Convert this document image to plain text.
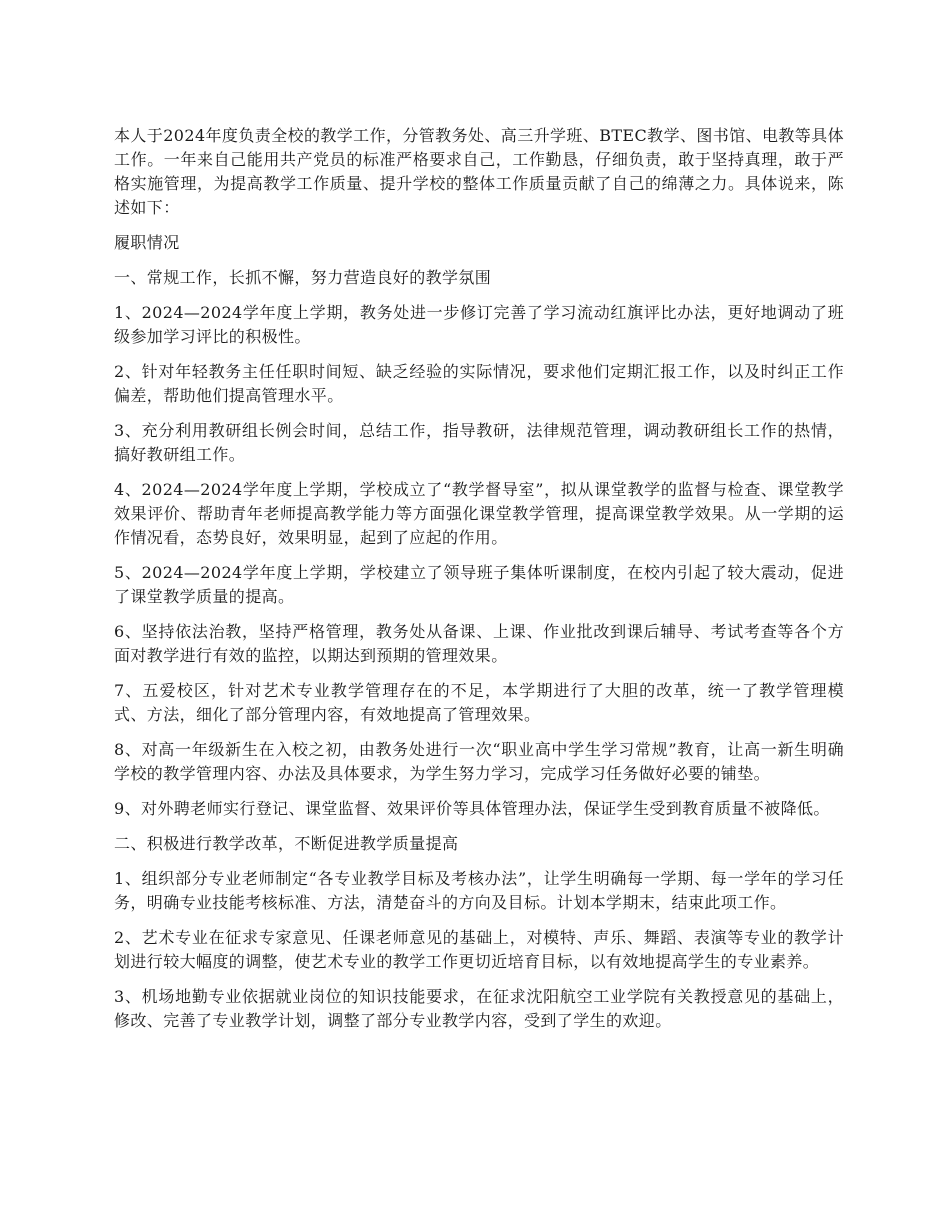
本人于2024年度负责全校的教学工作，分管教务处、高三升学班、BTEC教学、图书馆、电教等具体工作。一年来自己能用共产党员的标准严格要求自己，工作勤恳，仔细负责，敢于坚持真理，敢于严格实施管理，为提高教学工作质量、提升学校的整体工作质量贡献了自己的绵薄之力。具体说来，陈述如下：

履职情况

一、常规工作，长抓不懈，努力营造良好的教学氛围

1、2024—2024学年度上学期，教务处进一步修订完善了学习流动红旗评比办法，更好地调动了班级参加学习评比的积极性。

2、针对年轻教务主任任职时间短、缺乏经验的实际情况，要求他们定期汇报工作，以及时纠正工作偏差，帮助他们提高管理水平。

3、充分利用教研组长例会时间，总结工作，指导教研，法律规范管理，调动教研组长工作的热情，搞好教研组工作。

4、2024—2024学年度上学期，学校成立了“教学督导室”，拟从课堂教学的监督与检查、课堂教学效果评价、帮助青年老师提高教学能力等方面强化课堂教学管理，提高课堂教学效果。从一学期的运作情况看，态势良好，效果明显，起到了应起的作用。

5、2024—2024学年度上学期，学校建立了领导班子集体听课制度，在校内引起了较大震动，促进了课堂教学质量的提高。

6、坚持依法治教，坚持严格管理，教务处从备课、上课、作业批改到课后辅导、考试考查等各个方面对教学进行有效的监控，以期达到预期的管理效果。

7、五爱校区，针对艺术专业教学管理存在的不足，本学期进行了大胆的改革，统一了教学管理模式、方法，细化了部分管理内容，有效地提高了管理效果。

8、对高一年级新生在入校之初，由教务处进行一次“职业高中学生学习常规”教育，让高一新生明确学校的教学管理内容、办法及具体要求，为学生努力学习，完成学习任务做好必要的铺垫。

9、对外聘老师实行登记、课堂监督、效果评价等具体管理办法，保证学生受到教育质量不被降低。

二、积极进行教学改革，不断促进教学质量提高

1、组织部分专业老师制定“各专业教学目标及考核办法”，让学生明确每一学期、每一学年的学习任务，明确专业技能考核标准、方法，清楚奋斗的方向及目标。计划本学期末，结束此项工作。

2、艺术专业在征求专家意见、任课老师意见的基础上，对模特、声乐、舞蹈、表演等专业的教学计划进行较大幅度的调整，使艺术专业的教学工作更切近培育目标，以有效地提高学生的专业素养。

3、机场地勤专业依据就业岗位的知识技能要求，在征求沈阳航空工业学院有关教授意见的基础上，修改、完善了专业教学计划，调整了部分专业教学内容，受到了学生的欢迎。
